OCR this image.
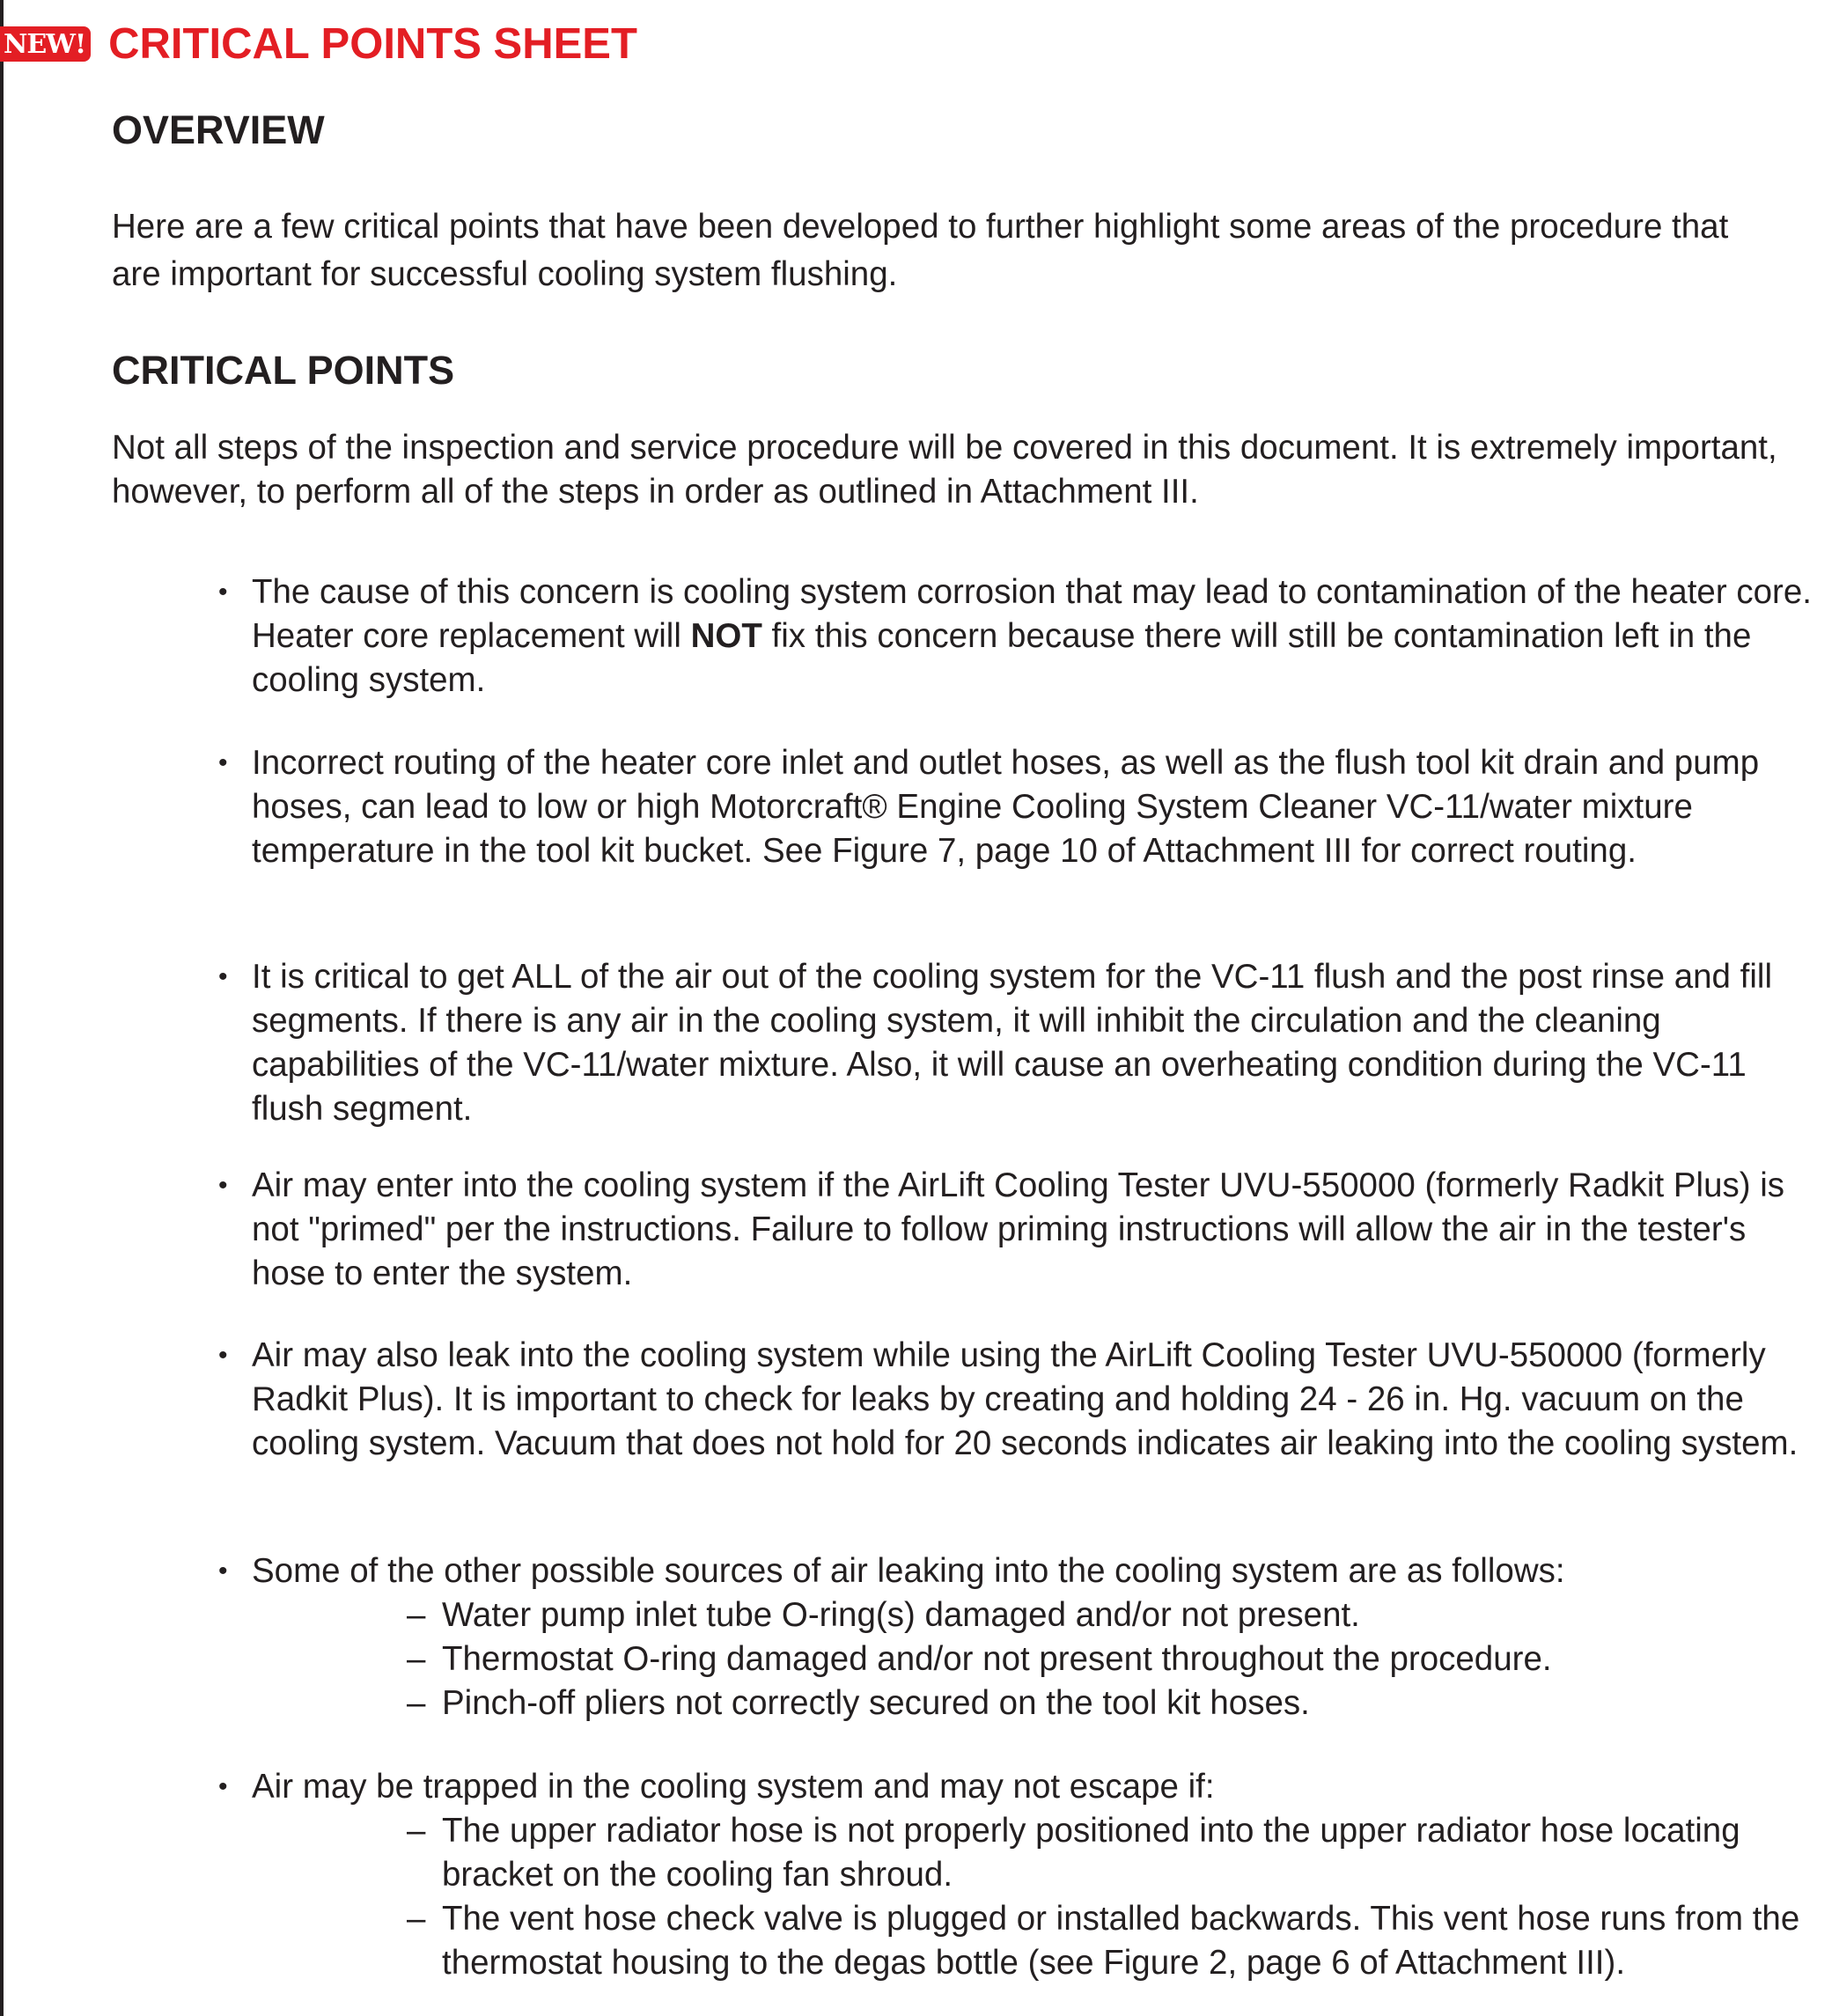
NEW! CRITICAL POINTS SHEET
OVERVIEW

Here are a few critical points that have been developed to further highlight some areas of the procedure that are important for successful cooling system flushing.

CRITICAL POINTS

Not all steps of the inspection and service procedure will be covered in this document. It is extremely important, however, to perform all of the steps in order as outlined in Attachment III.

• The cause of this concern is cooling system corrosion that may lead to contamination of the heater core. Heater core replacement will NOT fix this concern because there will still be contamination left in the cooling system.
• Incorrect routing of the heater core inlet and outlet hoses, as well as the flush tool kit drain and pump hoses, can lead to low or high Motorcraft® Engine Cooling System Cleaner VC-11/water mixture temperature in the tool kit bucket. See Figure 7, page 10 of Attachment III for correct routing.
• It is critical to get ALL of the air out of the cooling system for the VC-11 flush and the post rinse and fill segments. If there is any air in the cooling system, it will inhibit the circulation and the cleaning capabilities of the VC-11/water mixture. Also, it will cause an overheating condition during the VC-11 flush segment.
• Air may enter into the cooling system if the AirLift Cooling Tester UVU-550000 (formerly Radkit Plus) is not "primed" per the instructions. Failure to follow priming instructions will allow the air in the tester's hose to enter the system.
• Air may also leak into the cooling system while using the AirLift Cooling Tester UVU-550000 (formerly Radkit Plus). It is important to check for leaks by creating and holding 24 - 26 in. Hg. vacuum on the cooling system. Vacuum that does not hold for 20 seconds indicates air leaking into the cooling system.
• Some of the other possible sources of air leaking into the cooling system are as follows:
– Water pump inlet tube O-ring(s) damaged and/or not present.
– Thermostat O-ring damaged and/or not present throughout the procedure.
– Pinch-off pliers not correctly secured on the tool kit hoses.
• Air may be trapped in the cooling system and may not escape if:
– The upper radiator hose is not properly positioned into the upper radiator hose locating bracket on the cooling fan shroud.
– The vent hose check valve is plugged or installed backwards. This vent hose runs from the thermostat housing to the degas bottle (see Figure 2, page 6 of Attachment III).
